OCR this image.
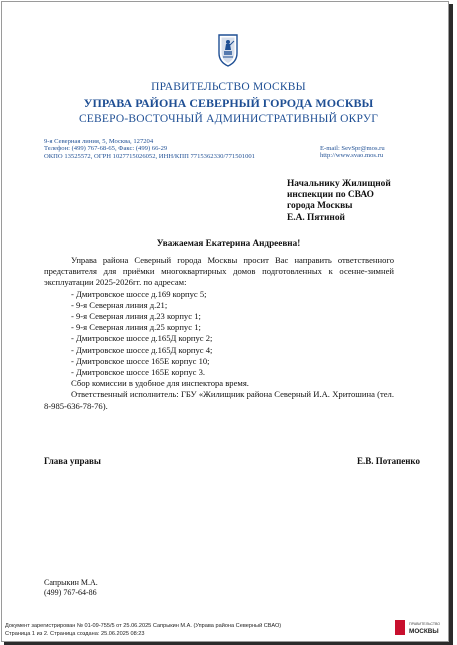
ПРАВИТЕЛЬСТВО МОСКВЫ
УПРАВА РАЙОНА СЕВЕРНЫЙ ГОРОДА МОСКВЫ
СЕВЕРО-ВОСТОЧНЫЙ АДМИНИСТРАТИВНЫЙ ОКРУГ
9-я Северная линия, 5, Москва, 127204
Телефон: (499) 767-68-65, Факс: (499) 66-29
ОКПО 13525572, ОГРН 1027715026052, ИНН/КПП 7715362330/771501001
E-mail: SevSpr@mos.ru
http://www.svao.mos.ru
Начальнику Жилищной
инспекции по СВАО
города Москвы
Е.А. Пятиной
Уважаемая Екатерина Андреевна!
Управа района Северный города Москвы просит Вас направить ответственного представителя для приёмки многоквартирных домов подготовленных к осенне-зимней эксплуатации 2025-2026гг. по адресам:
- Дмитровское шоссе д.169 корпус 5;
- 9-я Северная линия д.21;
- 9-я Северная линия д.23 корпус 1;
- 9-я Северная линия д.25 корпус 1;
- Дмитровское шоссе д.165Д корпус 2;
- Дмитровское шоссе д.165Д корпус 4;
- Дмитровское шоссе 165Е корпус 10;
- Дмитровское шоссе 165Е корпус 3.
Сбор комиссии в удобное для инспектора время.
Ответственный исполнитель: ГБУ «Жилищник района Северный И.А. Хритошина (тел. 8-985-636-78-76).
Глава управы	Е.В. Потапенко
Сапрыкин М.А.
(499) 767-64-86
Документ зарегистрирован № 01-09-755/5 от 25.06.2025 Сапрыкин М.А. (Управа района Северный СВАО)
Страница 1 из 2. Страница создана: 25.06.2025 08:23
ПРАВИТЕЛЬСТВО
МОСКВЫ
